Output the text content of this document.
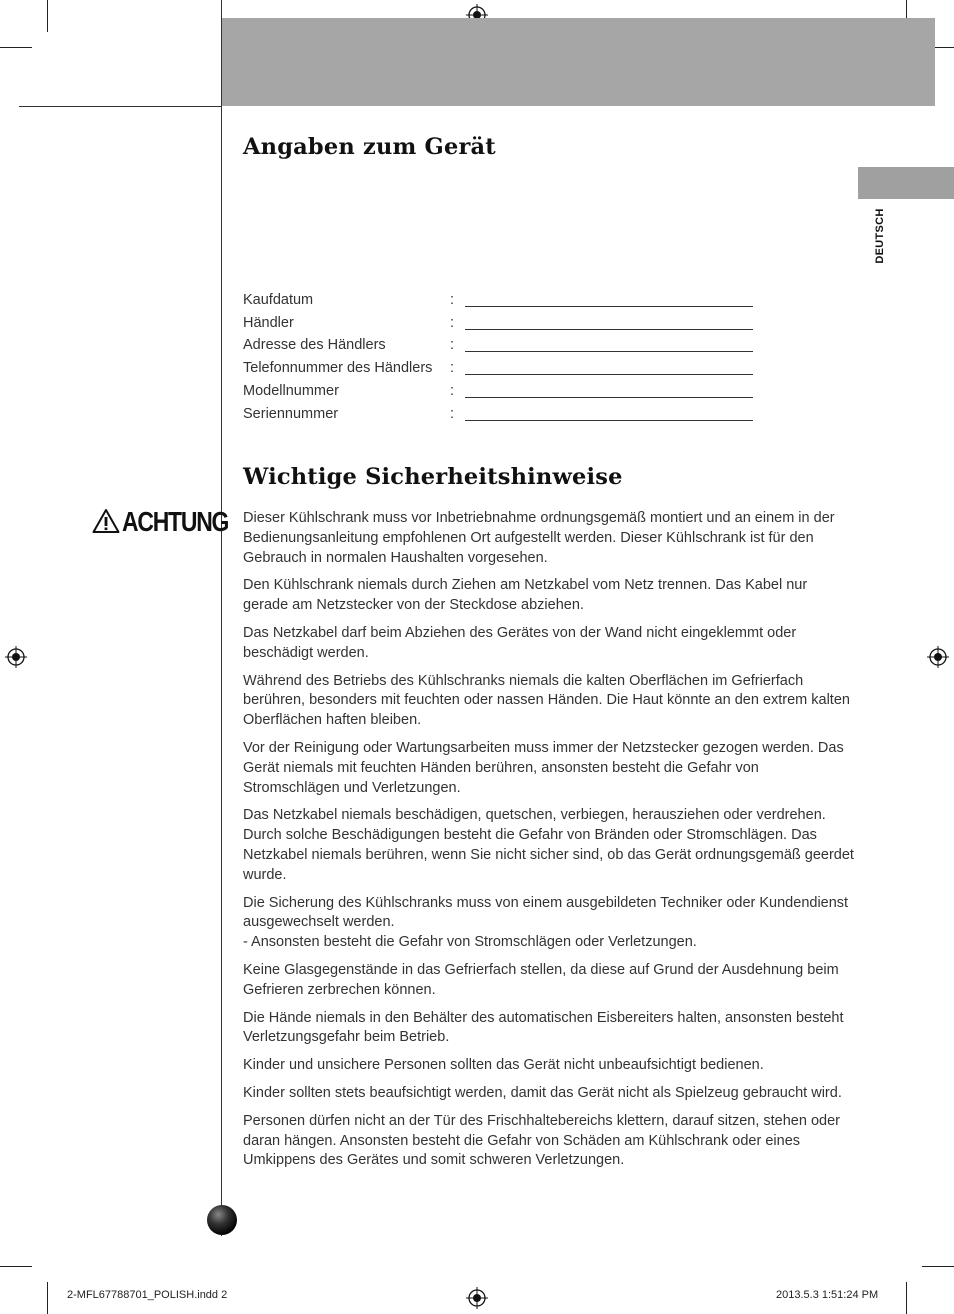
DEUTSCH
Angaben zum Gerät
Kaufdatum	:
Händler	:
Adresse des Händlers	:
Telefonnummer des Händlers :
Modellnummer	:
Seriennummer	:
Wichtige Sicherheitshinweise
ACHTUNG Dieser Kühlschrank muss vor Inbetriebnahme ordnungsgemäß montiert und an einem in der Bedienungsanleitung empfohlenen Ort aufgestellt werden. Dieser Kühlschrank ist für den Gebrauch in normalen Haushalten vorgesehen.

Den Kühlschrank niemals durch Ziehen am Netzkabel vom Netz trennen. Das Kabel nur gerade am Netzstecker von der Steckdose abziehen.

Das Netzkabel darf beim Abziehen des Gerätes von der Wand nicht eingeklemmt oder beschädigt werden.

Während des Betriebs des Kühlschranks niemals die kalten Oberflächen im Gefrierfach berühren, besonders mit feuchten oder nassen Händen. Die Haut könnte an den extrem kalten Oberflächen haften bleiben.

Vor der Reinigung oder Wartungsarbeiten muss immer der Netzstecker gezogen werden. Das Gerät niemals mit feuchten Händen berühren, ansonsten besteht die Gefahr von Stromschlägen und Verletzungen.

Das Netzkabel niemals beschädigen, quetschen, verbiegen, herausziehen oder verdrehen. Durch solche Beschädigungen besteht die Gefahr von Bränden oder Stromschlägen. Das Netzkabel niemals berühren, wenn Sie nicht sicher sind, ob das Gerät ordnungsgemäß geerdet wurde.

Die Sicherung des Kühlschranks muss von einem ausgebildeten Techniker oder Kundendienst ausgewechselt werden.
- Ansonsten besteht die Gefahr von Stromschlägen oder Verletzungen.

Keine Glasgegenstände in das Gefrierfach stellen, da diese auf Grund der Ausdehnung beim Gefrieren zerbrechen können.

Die Hände niemals in den Behälter des automatischen Eisbereiters halten, ansonsten besteht Verletzungsgefahr beim Betrieb.

Kinder und unsichere Personen sollten das Gerät nicht unbeaufsichtigt bedienen.

Kinder sollten stets beaufsichtigt werden, damit das Gerät nicht als Spielzeug gebraucht wird.

Personen dürfen nicht an der Tür des Frischhaltebereichs klettern, darauf sitzen, stehen oder daran hängen. Ansonsten besteht die Gefahr von Schäden am Kühlschrank oder eines Umkippens des Gerätes und somit schweren Verletzungen.

2-MFL67788701_POLISH.indd 2	2013.5.3 1:51:24 PM
